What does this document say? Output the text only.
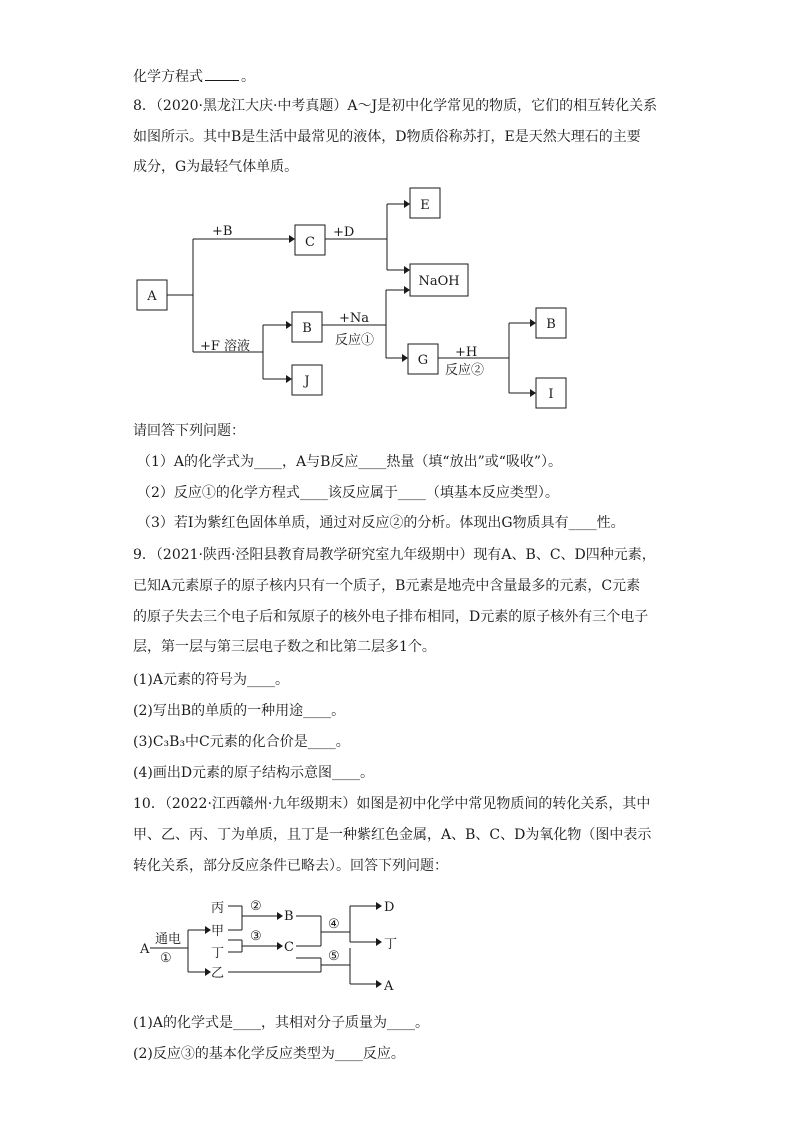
化学方程式	。
8．（2020·黑龙江大庆·中考真题）A～J是初中化学常见的物质，它们的相互转化关系
如图所示。其中B是生活中最常见的液体，D物质俗称苏打，E是天然大理石的主要
成分，G为最轻气体单质。
A
+B
C
+D
E
NaOH
+F 溶液
B
J
+Na
反应①
G
+H
反应②
B
I
A
通电
①
丙
甲
丁
乙
②
B
③
C
④
D
丁
⑤
A
请回答下列问题：
（1）A的化学式为____，A与B反应____热量（填“放出”或“吸收”）。
（2）反应①的化学方程式____该反应属于____（填基本反应类型）。
（3）若I为紫红色固体单质，通过对反应②的分析。体现出G物质具有____性。
9．（2021·陕西·泾阳县教育局教学研究室九年级期中）现有A、B、C、D四种元素，
已知A元素原子的原子核内只有一个质子，B元素是地壳中含量最多的元素，C元素
的原子失去三个电子后和氖原子的核外电子排布相同，D元素的原子核外有三个电子
层，第一层与第三层电子数之和比第二层多1个。
(1)A元素的符号为____。
(2)写出B的单质的一种用途____。
(3)C₃B₃中C元素的化合价是____。
(4)画出D元素的原子结构示意图____。
10．（2022·江西赣州·九年级期末）如图是初中化学中常见物质间的转化关系，其中
甲、乙、丙、丁为单质，且丁是一种紫红色金属，A、B、C、D为氧化物（图中表示
转化关系，部分反应条件已略去）。回答下列问题：
(1)A的化学式是____，其相对分子质量为____。
(2)反应③的基本化学反应类型为____反应。
